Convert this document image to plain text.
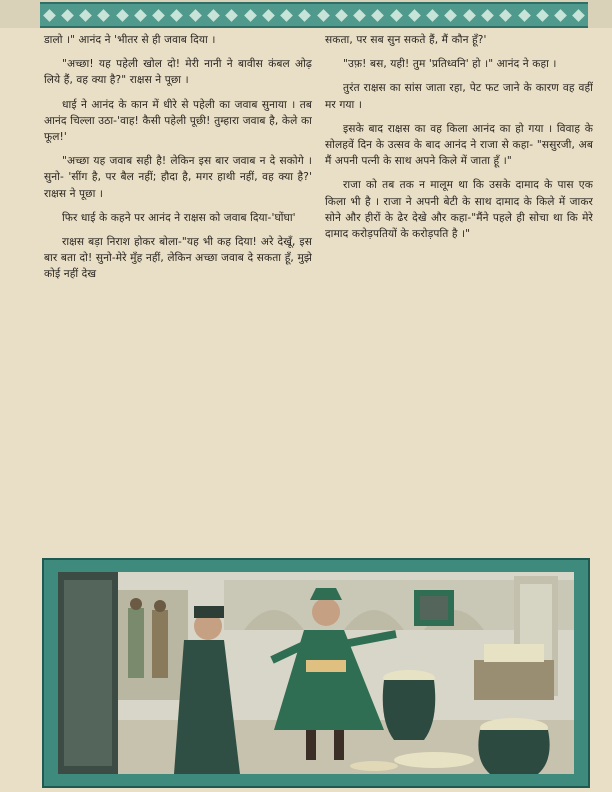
डालो ।" आनंद ने 'भीतर से ही जवाब दिया ।

"अच्छा! यह पहेली खोल दो! मेरी नानी ने बावीस कंबल ओढ़ लिये हैं, वह क्या है?" राक्षस ने पूछा ।

धाई ने आनंद के कान में धीरे से पहेली का जवाब सुनाया । तब आनंद चिल्ला उठा-'वाह! कैसी पहेली पूछी! तुम्हारा जवाब है, केले का फूल!'

"अच्छा यह जवाब सही है! लेकिन इस बार जवाब न दे सकोगे । सुनो- 'सींग है, पर बैल नहीं; हौदा है, मगर हाथी नहीं, वह क्या है?' राक्षस ने पूछा ।

फिर धाई के कहने पर आनंद ने राक्षस को जवाब दिया-'घोंघा'

राक्षस बड़ा निराश होकर बोला-"यह भी कह दिया! अरे देखूँ, इस बार बता दो! सुनो-मेरे मुँह नहीं, लेकिन अच्छा जवाब दे सकता हूँ, मुझे कोई नहीं देख

सकता, पर सब सुन सकते हैं, मैं कौन हूँ?'

"उफ़! बस, यही! तुम 'प्रतिध्वनि' हो ।" आनंद ने कहा ।

तुरंत राक्षस का सांस जाता रहा, पेट फट जाने के कारण वह वहीं मर गया ।

इसके बाद राक्षस का वह किला आनंद का हो गया । विवाह के सोलहवें दिन के उत्सव के बाद आनंद ने राजा से कहा- "ससुरजी, अब मैं अपनी पत्नी के साथ अपने किले में जाता हूँ ।"

राजा को तब तक न मालूम था कि उसके दामाद के पास एक किला भी है । राजा ने अपनी बेटी के साथ दामाद के किले में जाकर सोने और हीरों के ढेर देखे और कहा-"मैंने पहले ही सोचा था कि मेरे दामाद करोड़पतियों के करोड़पति है ।"
